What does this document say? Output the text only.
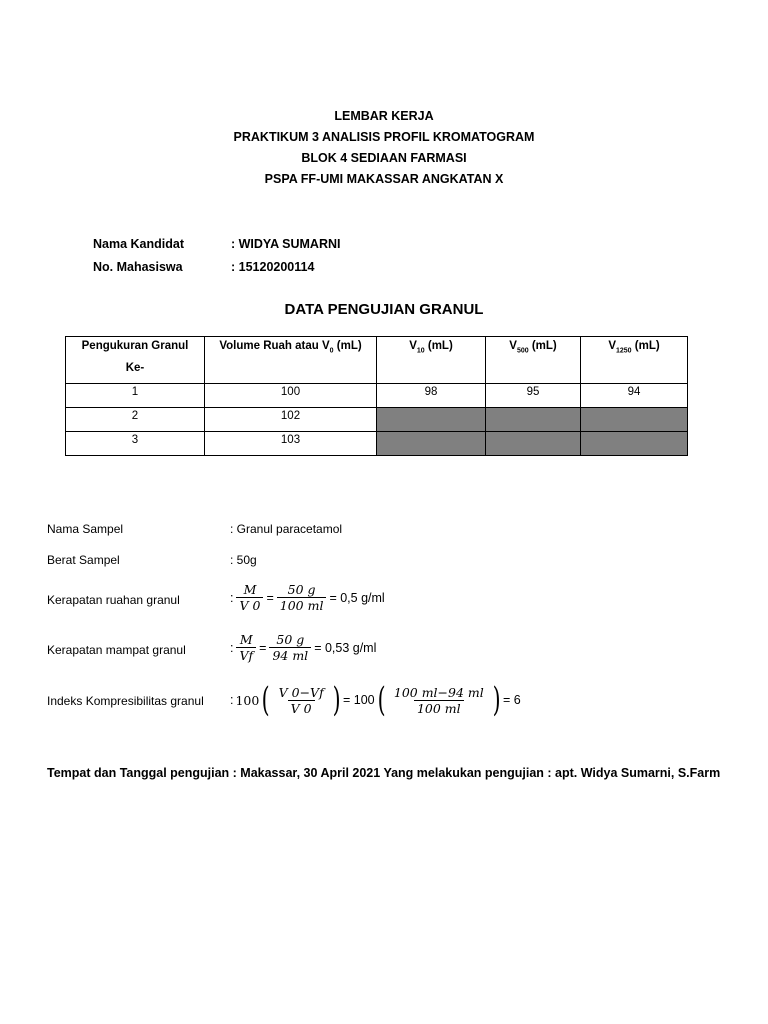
LEMBAR KERJA
PRAKTIKUM 3 ANALISIS PROFIL KROMATOGRAM
BLOK 4 SEDIAAN FARMASI
PSPA FF-UMI MAKASSAR ANGKATAN X
Nama Kandidat	: WIDYA SUMARNI
No. Mahasiswa	: 15120200114
DATA PENGUJIAN GRANUL
Pengukuran Granul
Ke-	Volume Ruah atau $V_0$ (mL)	$V_{10}$ (mL)	$V_{500}$ (mL)	$V_{1250}$ (mL)
1	100	98	95	94
2	102			
3	103			
Nama Sampel	: Granul paracetamol
Berat Sampel	: 50g
Kerapatan ruahan granul	: $\frac{M}{V 0} = \frac{50 g}{100 ml} = 0,5$ g/ml
Kerapatan mampat granul	: $\frac{M}{Vf} = \frac{50 g}{94 ml} = 0,53$ g/ml
Indeks Kompresibilitas granul : 100 ( $\frac{V 0-Vf}{V 0}$ ) = 100 ( $\frac{100 ml-94 ml}{100 ml}$ ) = 6
Tempat dan Tanggal pengujian : Makassar, 30 April 2021 Yang melakukan pengujian : apt. Widya Sumarni, S.Farm
